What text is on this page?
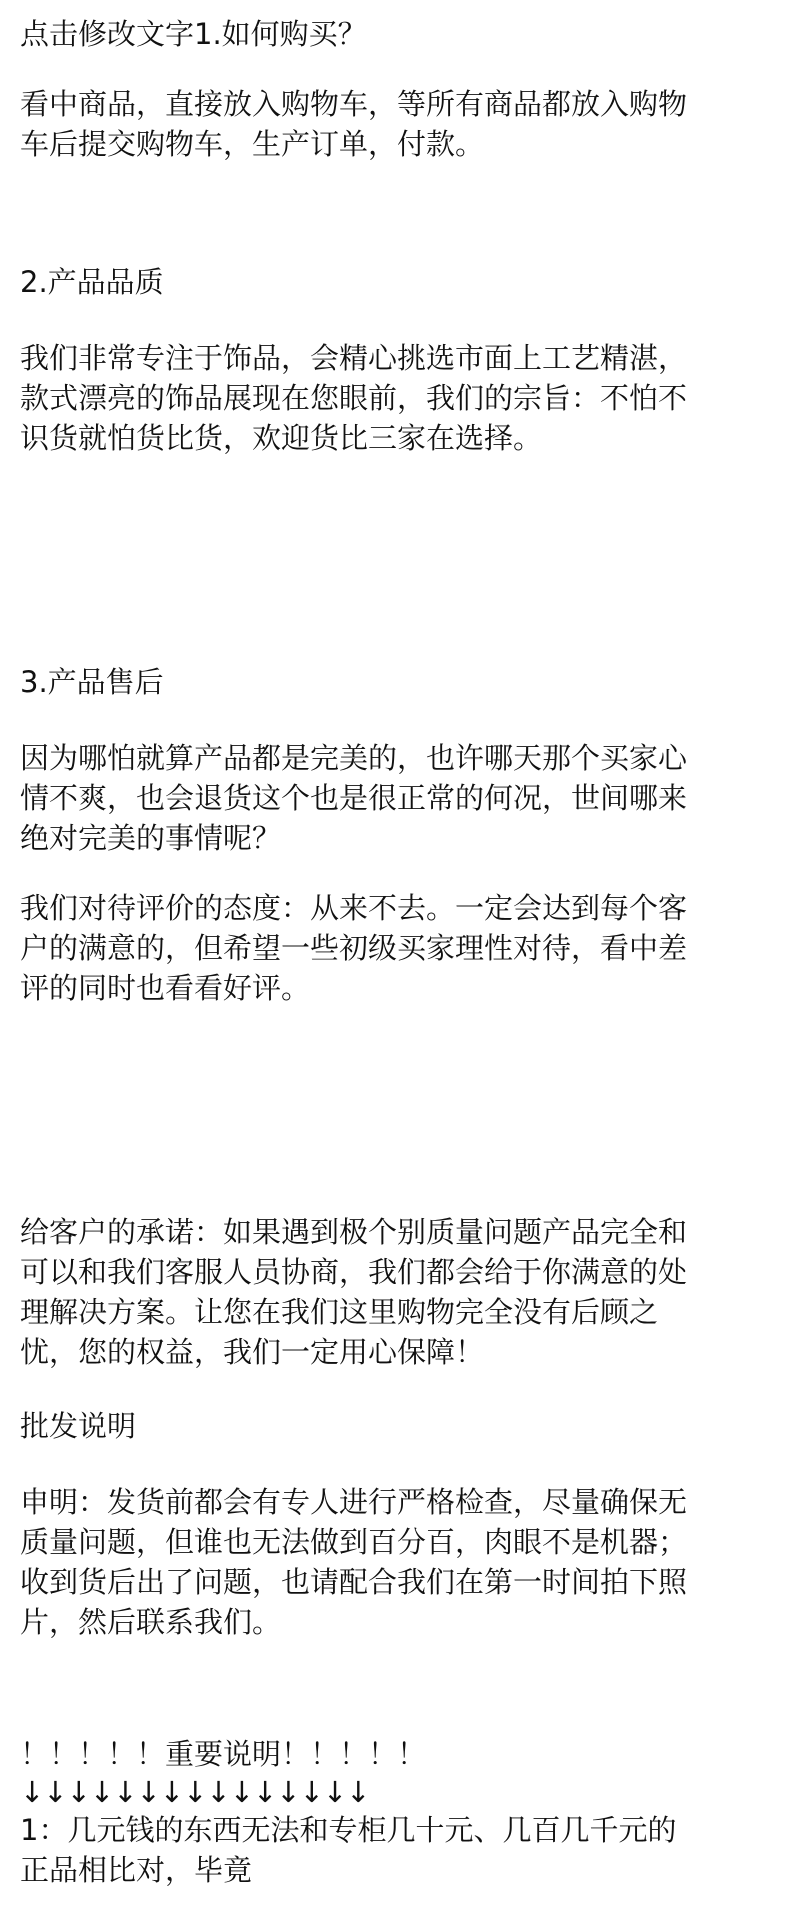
点击修改文字1.如何购买？
看中商品，直接放入购物车，等所有商品都放入购物
车后提交购物车，生产订单，付款。
2.产品品质
我们非常专注于饰品，会精心挑选市面上工艺精湛，
款式漂亮的饰品展现在您眼前，我们的宗旨：不怕不
识货就怕货比货，欢迎货比三家在选择。
3.产品售后
因为哪怕就算产品都是完美的，也许哪天那个买家心
情不爽，也会退货这个也是很正常的何况，世间哪来
绝对完美的事情呢？
我们对待评价的态度：从来不去。一定会达到每个客
户的满意的，但希望一些初级买家理性对待，看中差
评的同时也看看好评。
给客户的承诺：如果遇到极个别质量问题产品完全和
可以和我们客服人员协商，我们都会给于你满意的处
理解决方案。让您在我们这里购物完全没有后顾之
忧，您的权益，我们一定用心保障！
批发说明
申明：发货前都会有专人进行严格检查，尽量确保无
质量问题，但谁也无法做到百分百，肉眼不是机器；
收到货后出了问题，也请配合我们在第一时间拍下照
片，然后联系我们。
！！！！！重要说明！！！！！
↓↓↓↓↓↓↓↓↓↓↓↓↓↓↓
1：几元钱的东西无法和专柜几十元、几百几千元的
正品相比对，毕竟
